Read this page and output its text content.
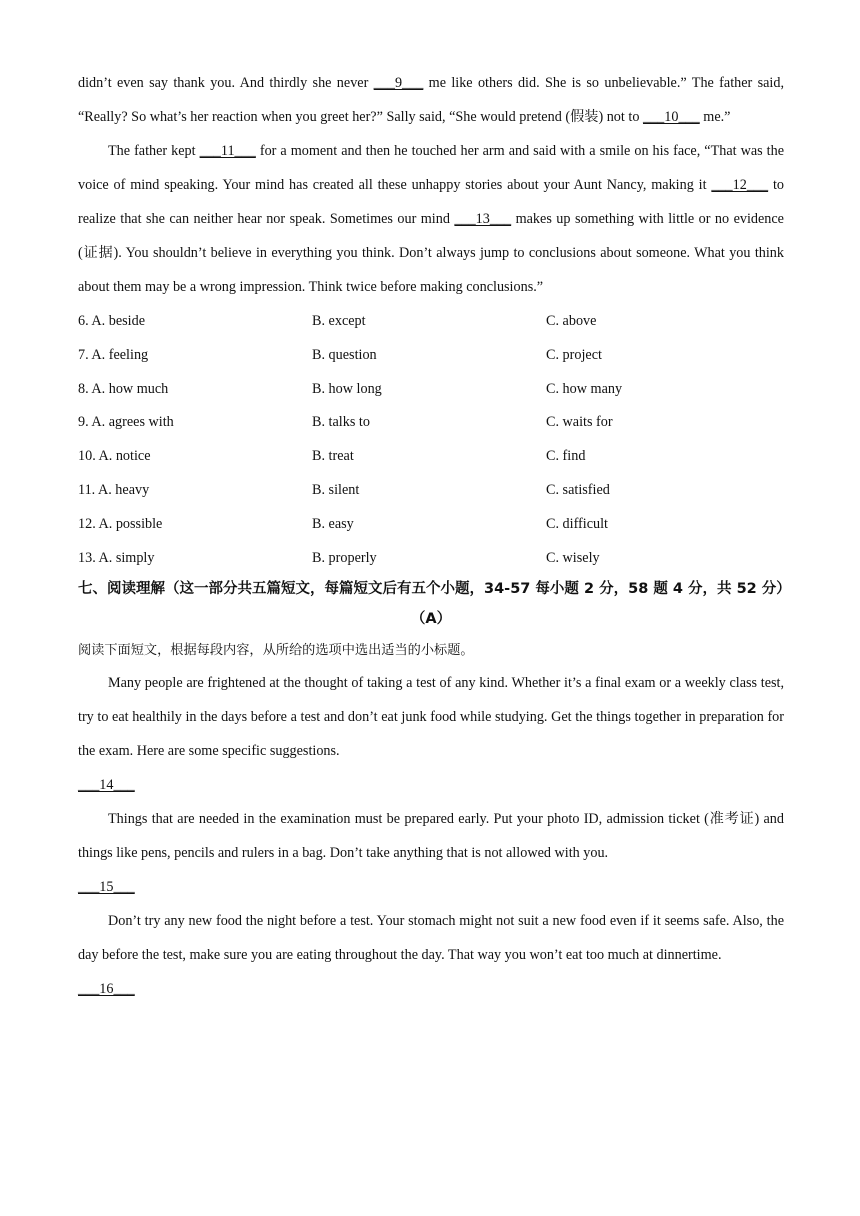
didn’t even say thank you. And thirdly she never ___9___ me like others did. She is so unbelievable.” The father said, “Really? So what’s her reaction when you greet her?” Sally said, “She would pretend (假装) not to ___10___ me.”

The father kept ___11___ for a moment and then he touched her arm and said with a smile on his face, “That was the voice of mind speaking. Your mind has created all these unhappy stories about your Aunt Nancy, making it ___12___ to realize that she can neither hear nor speak. Sometimes our mind ___13___ makes up something with little or no evidence (证据). You shouldn’t believe in everything you think. Don’t always jump to conclusions about someone. What you think about them may be a wrong impression. Think twice before making conclusions.”

6. A. beside	B. except	C. above
7. A. feeling	B. question	C. project
8. A. how much	B. how long	C. how many
9. A. agrees with	B. talks to	C. waits for
10. A. notice	B. treat	C. find
11. A. heavy	B. silent	C. satisfied
12. A. possible	B. easy	C. difficult
13. A. simply	B. properly	C. wisely
七、阅读理解（这一部分共五篇短文，每篇短文后有五个小题，34-57 每小题 2 分，58 题 4 分，共 52 分）
（A）
阅读下面短文，根据每段内容，从所给的选项中选出适当的小标题。

Many people are frightened at the thought of taking a test of any kind. Whether it’s a final exam or a weekly class test, try to eat healthily in the days before a test and don’t eat junk food while studying. Get the things together in preparation for the exam. Here are some specific suggestions.

___14___

Things that are needed in the examination must be prepared early. Put your photo ID, admission ticket (准考证) and things like pens, pencils and rulers in a bag. Don’t take anything that is not allowed with you.

___15___

Don’t try any new food the night before a test. Your stomach might not suit a new food even if it seems safe. Also, the day before the test, make sure you are eating throughout the day. That way you won’t eat too much at dinnertime.

___16___
